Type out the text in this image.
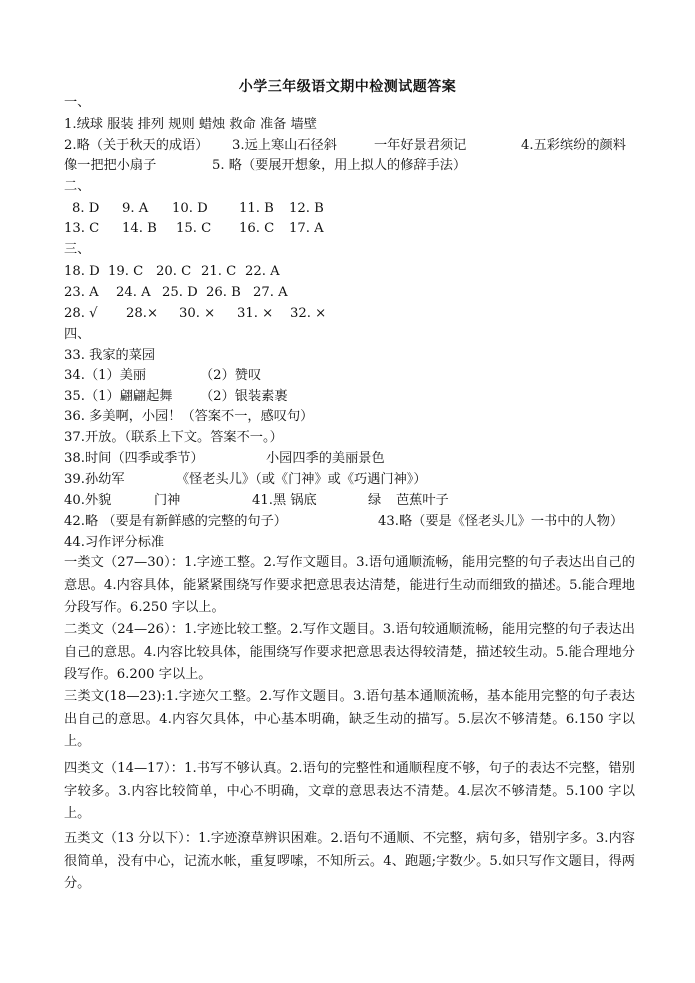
小学三年级语文期中检测试题答案
一、
1.绒球 服装 排列 规则 蜡烛 救命 准备 墙壁
2.略（关于秋天的成语） 3.远上寒山石径斜	一年好景君须记	4.五彩缤纷的颜料
像一把把小扇子	5. 略（要展开想象，用上拟人的修辞手法）
二、
8. D 9. A 10. D 11. B 12. B
13. C 14. B 15. C 16. C 17. A
三、
18. D 19. C 20. C 21. C 22. A
23. A 24. A 25. D 26. B 27. A
28. √ 28.× 30. × 31. × 32. ×
四、
33. 我家的菜园
34.（1）美丽	（2）赞叹
35.（1）翩翩起舞 （2）银装素裹
36. 多美啊，小园！（答案不一，感叹句）
37.开放。（联系上下文。答案不一。）
38.时间（四季或季节）	小园四季的美丽景色
39.孙幼军	《怪老头儿》（或《门神》或《巧遇门神》）
40.外貌	门神	41.黑 锅底	绿 芭蕉叶子
42.略 （要是有新鲜感的完整的句子）	43.略（要是《怪老头儿》一书中的人物）
44.习作评分标准
一类文（27—30）：1.字迹工整。2.写作文题目。3.语句通顺流畅，能用完整的句子表达出自己的意思。4.内容具体，能紧紧围绕写作要求把意思表达清楚，能进行生动而细致的描述。5.能合理地分段写作。6.250 字以上。
二类文（24—26）：1.字迹比较工整。2.写作文题目。3.语句较通顺流畅，能用完整的句子表达出自己的意思。4.内容比较具体，能围绕写作要求把意思表达得较清楚，描述较生动。5.能合理地分段写作。6.200 字以上。
三类文(18—23):1.字迹欠工整。2.写作文题目。3.语句基本通顺流畅，基本能用完整的句子表达出自己的意思。4.内容欠具体，中心基本明确，缺乏生动的描写。5.层次不够清楚。6.150 字以上。
四类文（14—17）：1.书写不够认真。2.语句的完整性和通顺程度不够，句子的表达不完整，错别字较多。3.内容比较简单，中心不明确，文章的意思表达不清楚。4.层次不够清楚。5.100 字以上。
五类文（13 分以下）：1.字迹潦草辨识困难。2.语句不通顺、不完整，病句多，错别字多。3.内容很简单，没有中心，记流水帐，重复啰嗦，不知所云。4、跑题;字数少。5.如只写作文题目，得两分。
